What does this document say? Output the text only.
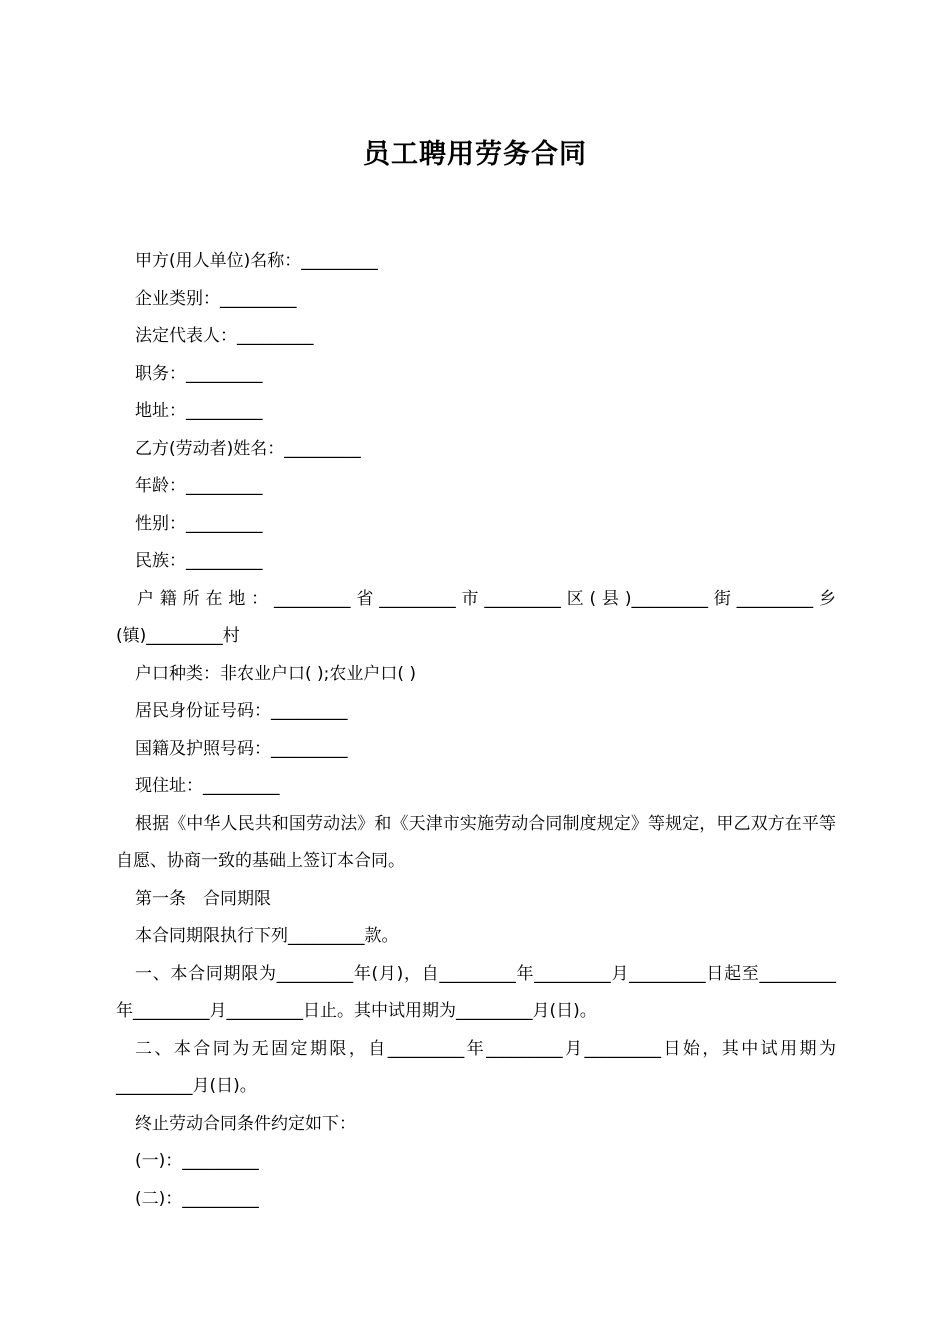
员工聘用劳务合同

甲方(用人单位)名称：_________

企业类别：_________

法定代表人：_________

职务：_________

地址：_________

乙方(劳动者)姓名：_________

年龄：_________

性别：_________

民族：_________

户籍所在地：_________省_________市_________区(县)_________街_________乡(镇)_________村

户口种类：非农业户口( );农业户口( )

居民身份证号码：_________

国籍及护照号码：_________

现住址：_________

根据《中华人民共和国劳动法》和《天津市实施劳动合同制度规定》等规定，甲乙双方在平等自愿、协商一致的基础上签订本合同。

第一条　合同期限

本合同期限执行下列_________款。

一、本合同期限为_________年(月)，自_________年_________月_________日起至_________年_________月_________日止。其中试用期为_________月(日)。

二、本合同为无固定期限，自_________年_________月_________日始，其中试用期为_________月(日)。

终止劳动合同条件约定如下：

(一)：_________

(二)：_________
